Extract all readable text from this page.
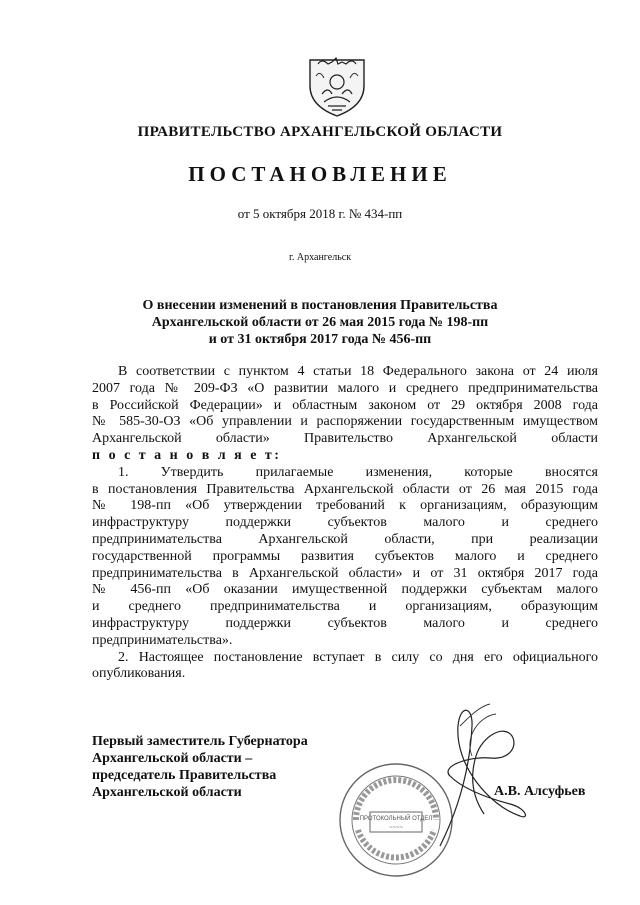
ПРАВИТЕЛЬСТВО АРХАНГЕЛЬСКОЙ ОБЛАСТИ
ПОСТАНОВЛЕНИЕ
от 5 октября 2018 г. № 434-пп
г. Архангельск
О внесении изменений в постановления Правительства
Архангельской области от 26 мая 2015 года № 198-пп
и от 31 октября 2017 года № 456-пп

В соответствии с пунктом 4 статьи 18 Федерального закона от 24 июля

2007 года № 209-ФЗ «О развитии малого и среднего предпринимательства

в Российской Федерации» и областным законом от 29 октября 2008 года

№ 585-30-ОЗ «Об управлении и распоряжении государственным имуществом

Архангельской области» Правительство Архангельской области

п о с т а н о в л я е т:

1. Утвердить прилагаемые изменения, которые вносятся

в постановления Правительства Архангельской области от 26 мая 2015 года

№ 198-пп «Об утверждении требований к организациям, образующим

инфраструктуру поддержки субъектов малого и среднего

предпринимательства Архангельской области, при реализации

государственной программы развития субъектов малого и среднего

предпринимательства в Архангельской области» и от 31 октября 2017 года

№ 456-пп «Об оказании имущественной поддержки субъектам малого

и среднего предпринимательства и организациям, образующим

инфраструктуру поддержки субъектов малого и среднего

предпринимательства».

2. Настоящее постановление вступает в силу со дня его официального

опубликования.

Первый заместитель Губернатора
Архангельской области –
председатель Правительства
Архангельской области	А.В. Алсуфьев
ПРОТОКОЛЬНЫЙ ОТДЕЛ
~~~~
